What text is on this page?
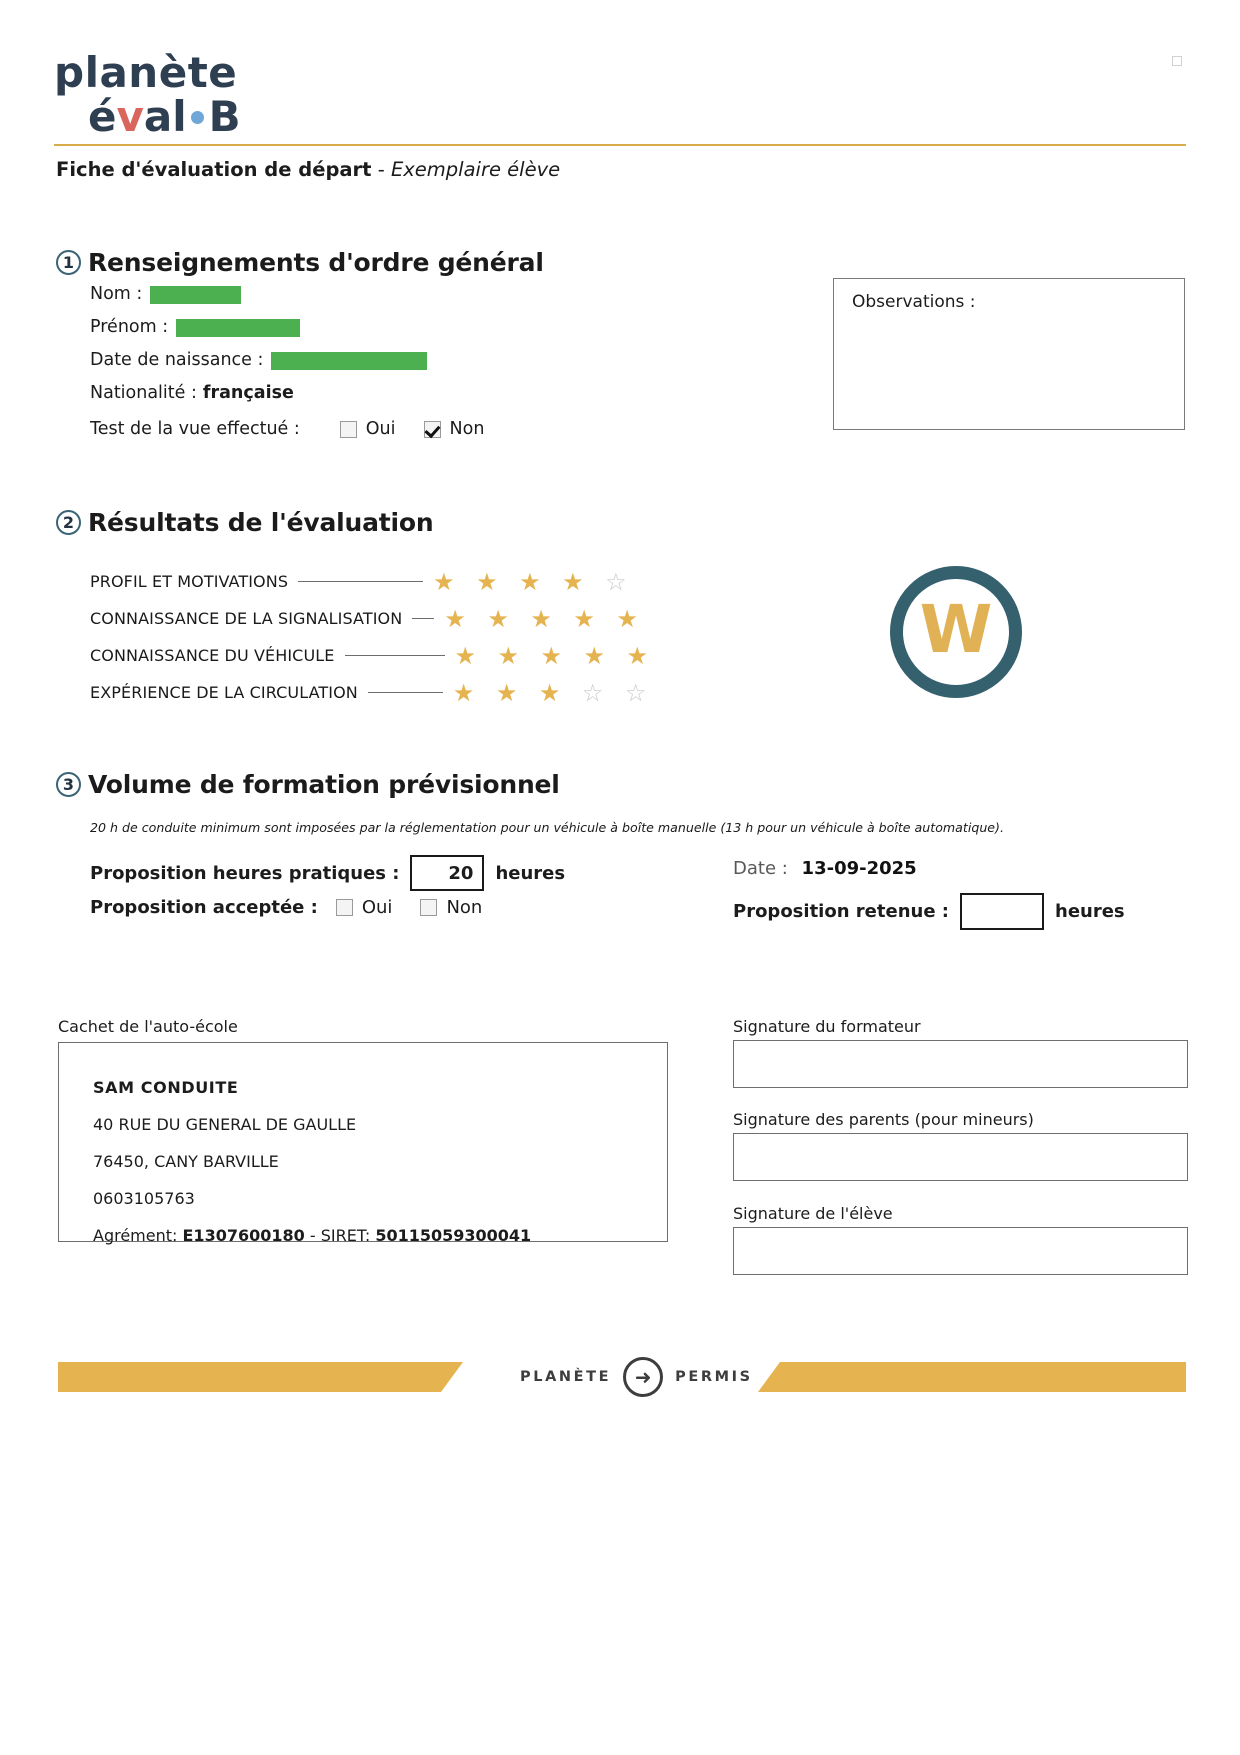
planète
é v al B
Fiche d'évaluation de départ - Exemplaire élève
1 Renseignements d'ordre général
Nom :
Prénom :
Date de naissance :
Nationalité : française
Test de la vue effectué :	Oui	Non
Observations :
2 Résultats de l'évaluation
PROFIL ET MOTIVATIONS	★ ★ ★ ★ ☆
CONNAISSANCE DE LA SIGNALISATION ★ ★ ★ ★ ★
CONNAISSANCE DU VÉHICULE	★ ★ ★ ★ ★
EXPÉRIENCE DE LA CIRCULATION	★ ★ ★ ☆ ☆
W
3 Volume de formation prévisionnel
20 h de conduite minimum sont imposées par la réglementation pour un véhicule à boîte manuelle (13 h pour un véhicule à boîte automatique).
Proposition heures pratiques :	20	heures
Proposition acceptée : Oui	Non
Date : 13-09-2025
Proposition retenue :	heures
Cachet de l'auto-école
SAM CONDUITE
40 RUE DU GENERAL DE GAULLE
76450, CANY BARVILLE
0603105763
Agrément: E1307600180 - SIRET: 50115059300041
Signature du formateur
Signature des parents (pour mineurs)
Signature de l'élève
PLANÈTE	➜	PERMIS
